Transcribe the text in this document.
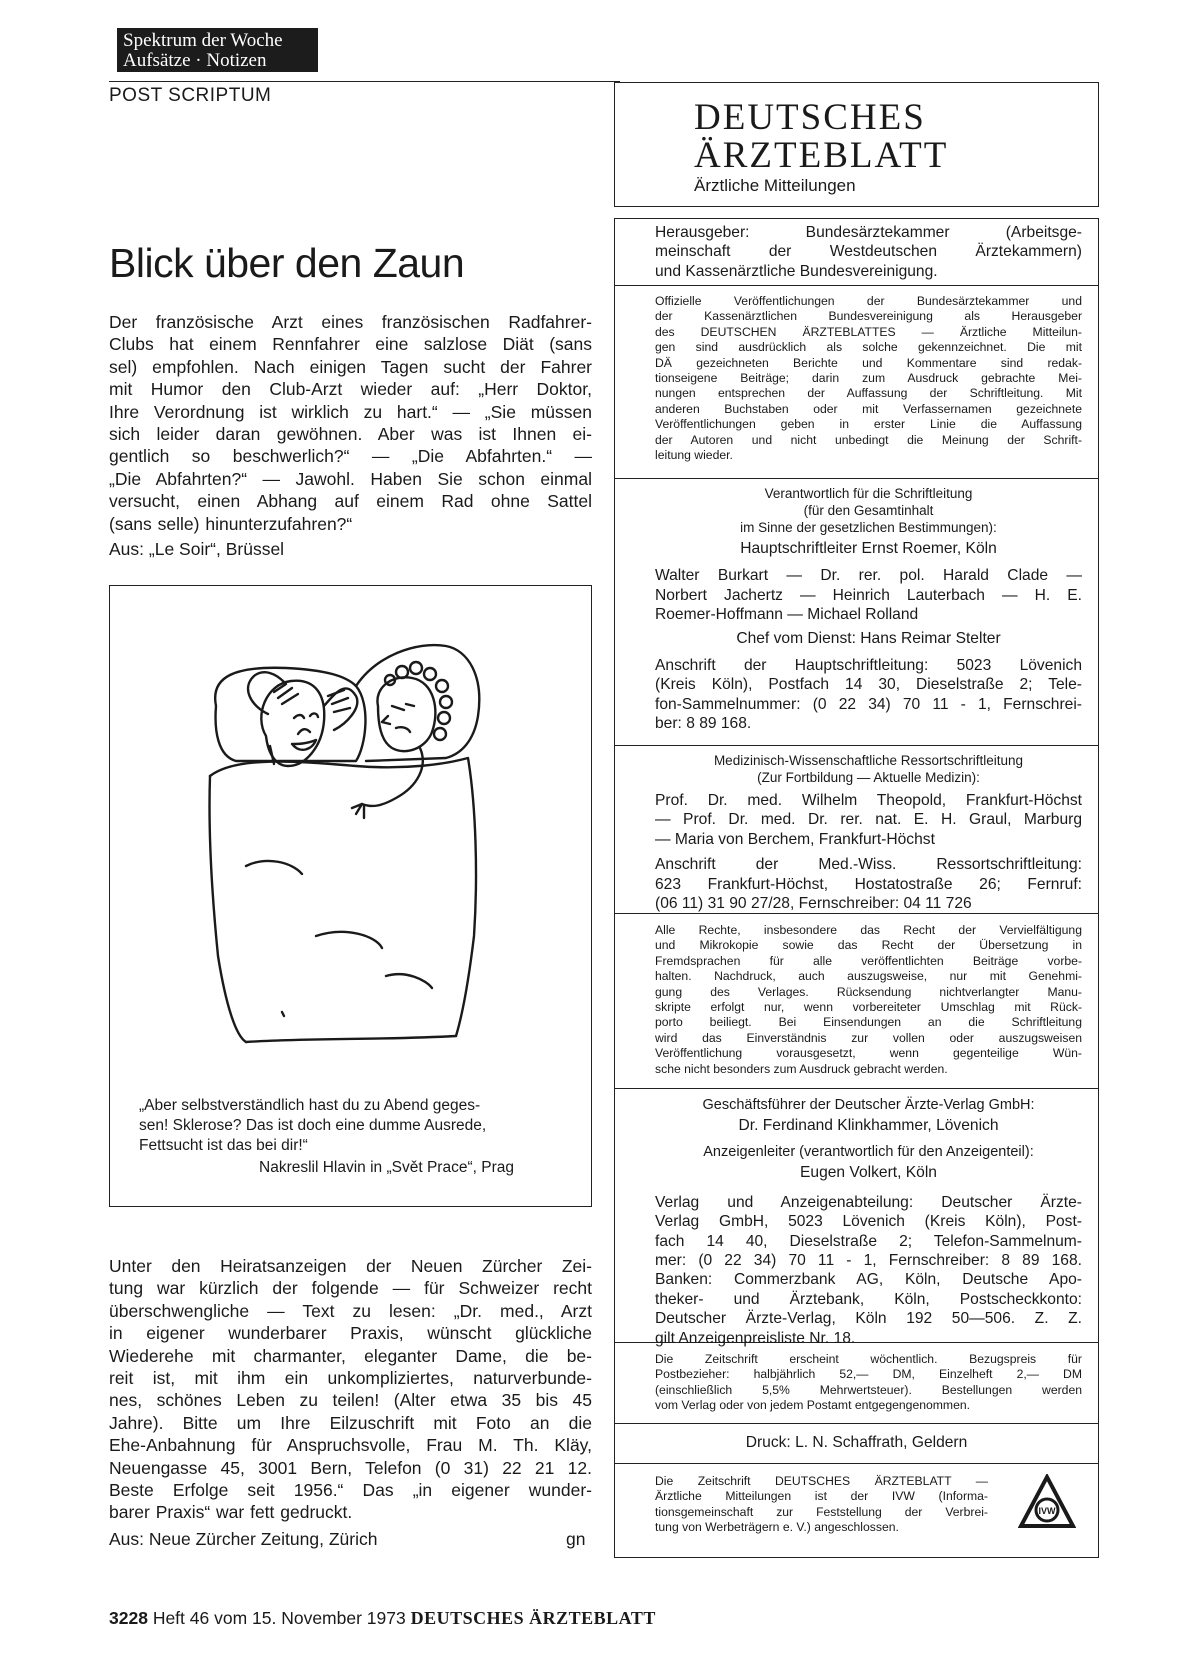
Spektrum der Woche
Aufsätze · Notizen
POST SCRIPTUM
Blick über den Zaun
Der französische Arzt eines französischen Radfahrer-
Clubs hat einem Rennfahrer eine salzlose Diät (sans
sel) empfohlen. Nach einigen Tagen sucht der Fahrer
mit Humor den Club-Arzt wieder auf: „Herr Doktor,
Ihre Verordnung ist wirklich zu hart.“ — „Sie müssen
sich leider daran gewöhnen. Aber was ist Ihnen ei-
gentlich so beschwerlich?“ — „Die Abfahrten.“ —
„Die Abfahrten?“ — Jawohl. Haben Sie schon einmal
versucht, einen Abhang auf einem Rad ohne Sattel
(sans selle) hinunterzufahren?“
Aus: „Le Soir“, Brüssel
„Aber selbstverständlich hast du zu Abend geges-
sen! Sklerose? Das ist doch eine dumme Ausrede,
Fettsucht ist das bei dir!“
Nakreslil Hlavin in „Svět Prace“, Prag
Unter den Heiratsanzeigen der Neuen Zürcher Zei-
tung war kürzlich der folgende — für Schweizer recht
überschwengliche — Text zu lesen: „Dr. med., Arzt
in eigener wunderbarer Praxis, wünscht glückliche
Wiederehe mit charmanter, eleganter Dame, die be-
reit ist, mit ihm ein unkompliziertes, naturverbunde-
nes, schönes Leben zu teilen! (Alter etwa 35 bis 45
Jahre). Bitte um Ihre Eilzuschrift mit Foto an die
Ehe-Anbahnung für Anspruchsvolle, Frau M. Th. Kläy,
Neuengasse 45, 3001 Bern, Telefon (0 31) 22 21 12.
Beste Erfolge seit 1956.“ Das „in eigener wunder-
barer Praxis“ war fett gedruckt.
Aus: Neue Zürcher Zeitung, Zürich	gn
3228 Heft 46 vom 15. November 1973 DEUTSCHES ÄRZTEBLATT
DEUTSCHES
ÄRZTEBLATT
Ärztliche Mitteilungen
Herausgeber: Bundesärztekammer (Arbeitsge-
meinschaft der Westdeutschen Ärztekammern)
und Kassenärztliche Bundesvereinigung.
Offizielle Veröffentlichungen der Bundesärztekammer und
der Kassenärztlichen Bundesvereinigung als Herausgeber
des DEUTSCHEN ÄRZTEBLATTES — Ärztliche Mitteilun-
gen sind ausdrücklich als solche gekennzeichnet. Die mit
DÄ gezeichneten Berichte und Kommentare sind redak-
tionseigene Beiträge; darin zum Ausdruck gebrachte Mei-
nungen entsprechen der Auffassung der Schriftleitung. Mit
anderen Buchstaben oder mit Verfassernamen gezeichnete
Veröffentlichungen geben in erster Linie die Auffassung
der Autoren und nicht unbedingt die Meinung der Schrift-
leitung wieder.
Verantwortlich für die Schriftleitung
(für den Gesamtinhalt
im Sinne der gesetzlichen Bestimmungen):
Hauptschriftleiter Ernst Roemer, Köln
Walter Burkart — Dr. rer. pol. Harald Clade —
Norbert Jachertz — Heinrich Lauterbach — H. E.
Roemer-Hoffmann — Michael Rolland
Chef vom Dienst: Hans Reimar Stelter
Anschrift der Hauptschriftleitung: 5023 Lövenich
(Kreis Köln), Postfach 14 30, Dieselstraße 2; Tele-
fon-Sammelnummer: (0 22 34) 70 11 - 1, Fernschrei-
ber: 8 89 168.
Medizinisch-Wissenschaftliche Ressortschriftleitung
(Zur Fortbildung — Aktuelle Medizin):
Prof. Dr. med. Wilhelm Theopold, Frankfurt-Höchst
— Prof. Dr. med. Dr. rer. nat. E. H. Graul, Marburg
— Maria von Berchem, Frankfurt-Höchst
Anschrift der Med.-Wiss. Ressortschriftleitung:
623 Frankfurt-Höchst, Hostatostraße 26; Fernruf:
(06 11) 31 90 27/28, Fernschreiber: 04 11 726
Alle Rechte, insbesondere das Recht der Vervielfältigung
und Mikrokopie sowie das Recht der Übersetzung in
Fremdsprachen für alle veröffentlichten Beiträge vorbe-
halten. Nachdruck, auch auszugsweise, nur mit Genehmi-
gung des Verlages. Rücksendung nichtverlangter Manu-
skripte erfolgt nur, wenn vorbereiteter Umschlag mit Rück-
porto beiliegt. Bei Einsendungen an die Schriftleitung
wird das Einverständnis zur vollen oder auszugsweisen
Veröffentlichung vorausgesetzt, wenn gegenteilige Wün-
sche nicht besonders zum Ausdruck gebracht werden.
Geschäftsführer der Deutscher Ärzte-Verlag GmbH:
Dr. Ferdinand Klinkhammer, Lövenich
Anzeigenleiter (verantwortlich für den Anzeigenteil):
Eugen Volkert, Köln
Verlag und Anzeigenabteilung: Deutscher Ärzte-
Verlag GmbH, 5023 Lövenich (Kreis Köln), Post-
fach 14 40, Dieselstraße 2; Telefon-Sammelnum-
mer: (0 22 34) 70 11 - 1, Fernschreiber: 8 89 168.
Banken: Commerzbank AG, Köln, Deutsche Apo-
theker- und Ärztebank, Köln, Postscheckkonto:
Deutscher Ärzte-Verlag, Köln 192 50—506. Z. Z.
gilt Anzeigenpreisliste Nr. 18.
Die Zeitschrift erscheint wöchentlich. Bezugspreis für
Postbezieher: halbjährlich 52,— DM, Einzelheft 2,— DM
(einschließlich 5,5% Mehrwertsteuer). Bestellungen werden
vom Verlag oder von jedem Postamt entgegengenommen.
Druck: L. N. Schaffrath, Geldern
Die Zeitschrift DEUTSCHES ÄRZTEBLATT —
Ärztliche Mitteilungen ist der IVW (Informa-
tionsgemeinschaft zur Feststellung der Verbrei-
tung von Werbeträgern e. V.) angeschlossen.
IVW
